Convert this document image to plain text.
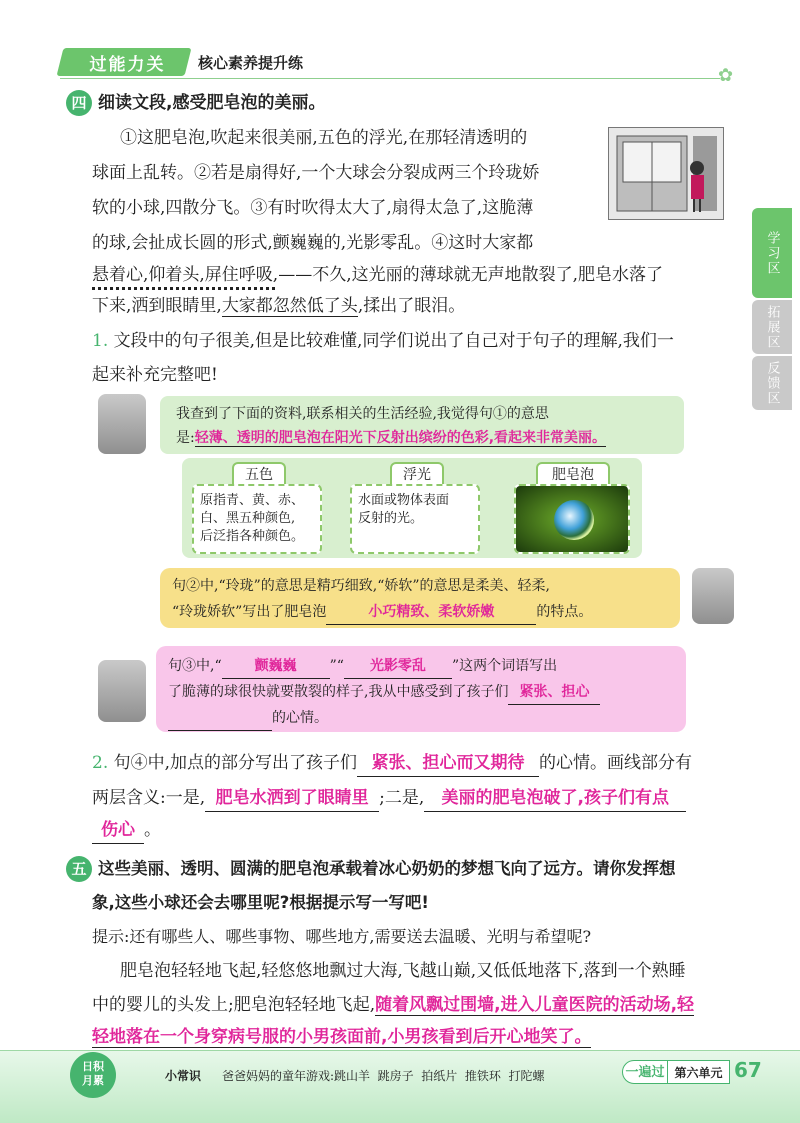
过能力关	核心素养提升练
✿
学习区
拓展区
反馈区
四 细读文段,感受肥皂泡的美丽。
①这肥皂泡,吹起来很美丽,五色的浮光,在那轻清透明的
球面上乱转。②若是扇得好,一个大球会分裂成两三个玲珑娇
软的小球,四散分飞。③有时吹得太大了,扇得太急了,这脆薄
的球,会扯成长圆的形式,颤巍巍的,光影零乱。④这时大家都
悬着心,仰着头,屏住呼吸,——不久,这光丽的薄球就无声地散裂了,肥皂水落了
下来,洒到眼睛里,大家都忽然低了头,揉出了眼泪。
1. 文段中的句子很美,但是比较难懂,同学们说出了自己对于句子的理解,我们一
起来补充完整吧!
我查到了下面的资料,联系相关的生活经验,我觉得句①的意思
是:轻薄、透明的肥皂泡在阳光下反射出缤纷的色彩,看起来非常美丽。
五色
原指青、黄、赤、
白、黑五种颜色,
后泛指各种颜色。
浮光
水面或物体表面
反射的光。
肥皂泡
句②中,“玲珑”的意思是精巧细致,“娇软”的意思是柔美、轻柔,
“玲珑娇软”写出了肥皂泡	小巧精致、柔软娇嫩	的特点。
句③中,“ 颤巍巍 ”“ 光影零乱 ”这两个词语写出
了脆薄的球很快就要散裂的样子,我从中感受到了孩子们 紧张、担心
的心情。
2. 句④中,加点的部分写出了孩子们 紧张、担心而又期待 的心情。画线部分有
两层含义:一是, 肥皂水洒到了眼睛里 ;二是, 美丽的肥皂泡破了,孩子们有点
伤心 。
五 这些美丽、透明、圆满的肥皂泡承载着冰心奶奶的梦想飞向了远方。请你发挥想
象,这些小球还会去哪里呢?根据提示写一写吧!
提示:还有哪些人、哪些事物、哪些地方,需要送去温暖、光明与希望呢?
肥皂泡轻轻地飞起,轻悠悠地飘过大海,飞越山巅,又低低地落下,落到一个熟睡
中的婴儿的头发上;肥皂泡轻轻地飞起,随着风飘过围墙,进入儿童医院的活动场,轻
轻地落在一个身穿病号服的小男孩面前,小男孩看到后开心地笑了。
日积
月累	小常识 爸爸妈妈的童年游戏:跳山羊  跳房子  拍纸片  推铁环  打陀螺	一遍过 第六单元 67
